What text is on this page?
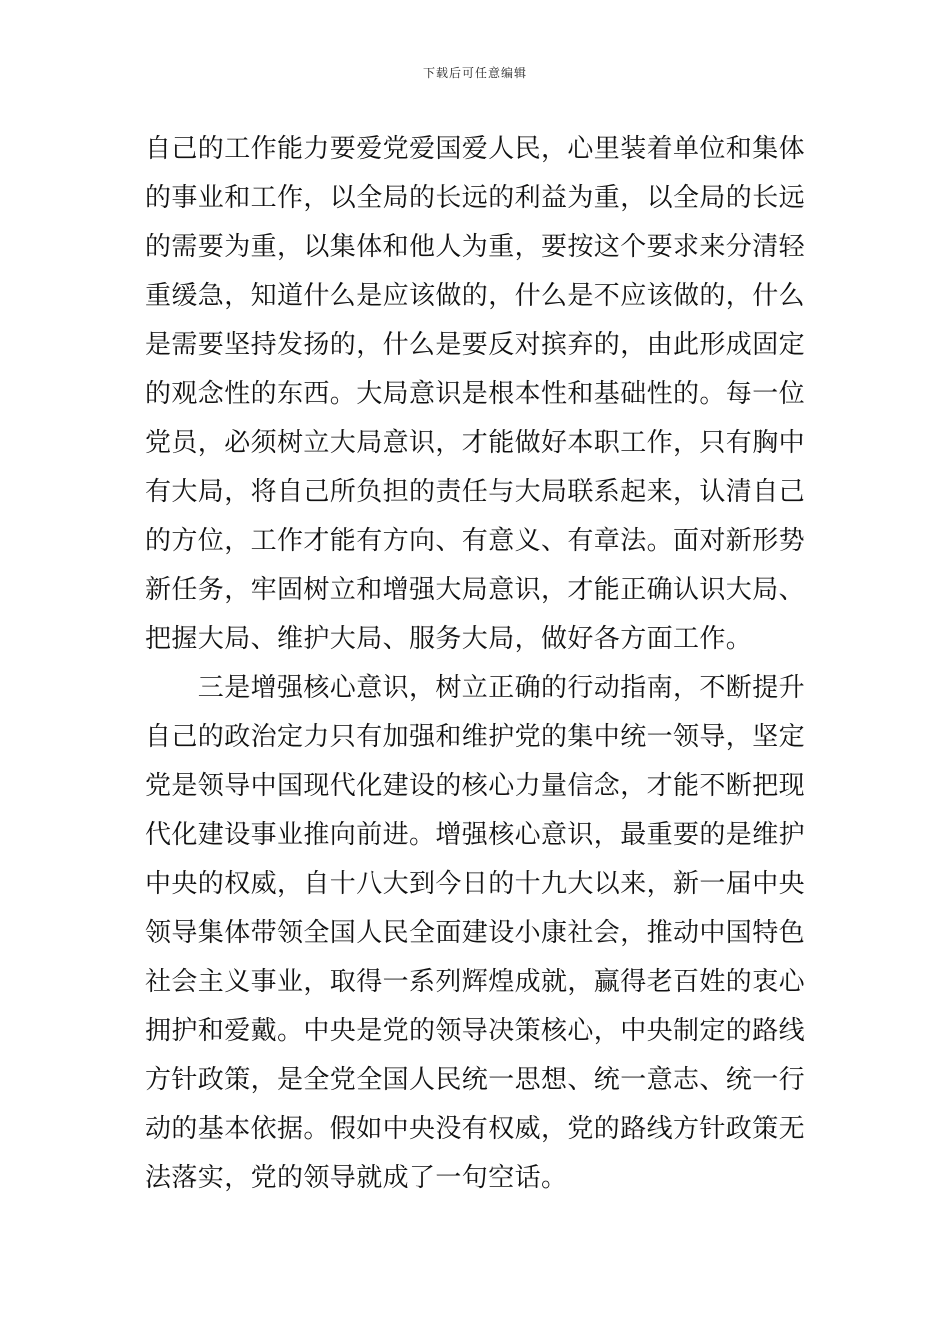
下载后可任意编辑
自己的工作能力要爱党爱国爱人民，心里装着单位和集体
的事业和工作，以全局的长远的利益为重，以全局的长远
的需要为重，以集体和他人为重，要按这个要求来分清轻
重缓急，知道什么是应该做的，什么是不应该做的，什么
是需要坚持发扬的，什么是要反对摈弃的，由此形成固定
的观念性的东西。大局意识是根本性和基础性的。每一位
党员，必须树立大局意识，才能做好本职工作，只有胸中
有大局，将自己所负担的责任与大局联系起来，认清自己
的方位，工作才能有方向、有意义、有章法。面对新形势
新任务，牢固树立和增强大局意识，才能正确认识大局、
把握大局、维护大局、服务大局，做好各方面工作。
　　三是增强核心意识，树立正确的行动指南，不断提升
自己的政治定力只有加强和维护党的集中统一领导，坚定
党是领导中国现代化建设的核心力量信念，才能不断把现
代化建设事业推向前进。增强核心意识，最重要的是维护
中央的权威，自十八大到今日的十九大以来，新一届中央
领导集体带领全国人民全面建设小康社会，推动中国特色
社会主义事业，取得一系列辉煌成就，赢得老百姓的衷心
拥护和爱戴。中央是党的领导决策核心，中央制定的路线
方针政策，是全党全国人民统一思想、统一意志、统一行
动的基本依据。假如中央没有权威，党的路线方针政策无
法落实，党的领导就成了一句空话。
